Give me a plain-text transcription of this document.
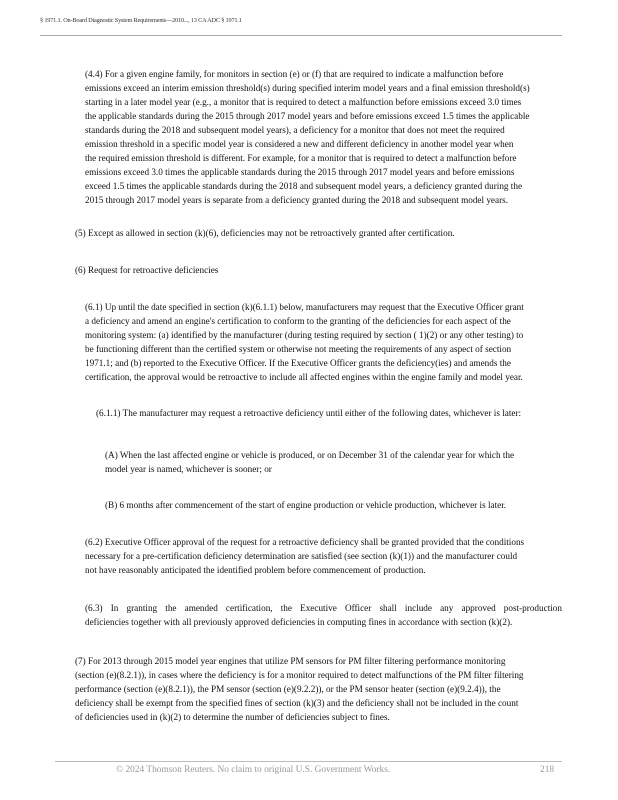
§ 1971.1. On-Board Diagnostic System Requirements—2010..., 13 CA ADC § 1971.1
(4.4) For a given engine family, for monitors in section (e) or (f) that are required to indicate a malfunction before
emissions exceed an interim emission threshold(s) during specified interim model years and a final emission threshold(s)
starting in a later model year (e.g., a monitor that is required to detect a malfunction before emissions exceed 3.0 times
the applicable standards during the 2015 through 2017 model years and before emissions exceed 1.5 times the applicable
standards during the 2018 and subsequent model years), a deficiency for a monitor that does not meet the required
emission threshold in a specific model year is considered a new and different deficiency in another model year when
the required emission threshold is different. For example, for a monitor that is required to detect a malfunction before
emissions exceed 3.0 times the applicable standards during the 2015 through 2017 model years and before emissions
exceed 1.5 times the applicable standards during the 2018 and subsequent model years, a deficiency granted during the
2015 through 2017 model years is separate from a deficiency granted during the 2018 and subsequent model years.
(5) Except as allowed in section (k)(6), deficiencies may not be retroactively granted after certification.
(6) Request for retroactive deficiencies
(6.1) Up until the date specified in section (k)(6.1.1) below, manufacturers may request that the Executive Officer grant
a deficiency and amend an engine's certification to conform to the granting of the deficiencies for each aspect of the
monitoring system: (a) identified by the manufacturer (during testing required by section ( 1)(2) or any other testing) to
be functioning different than the certified system or otherwise not meeting the requirements of any aspect of section
1971.1; and (b) reported to the Executive Officer. If the Executive Officer grants the deficiency(ies) and amends the
certification, the approval would be retroactive to include all affected engines within the engine family and model year.
(6.1.1) The manufacturer may request a retroactive deficiency until either of the following dates, whichever is later:
(A) When the last affected engine or vehicle is produced, or on December 31 of the calendar year for which the
model year is named, whichever is sooner; or
(B) 6 months after commencement of the start of engine production or vehicle production, whichever is later.
(6.2) Executive Officer approval of the request for a retroactive deficiency shall be granted provided that the conditions
necessary for a pre-certification deficiency determination are satisfied (see section (k)(1)) and the manufacturer could
not have reasonably anticipated the identified problem before commencement of production.
(6.3) In granting the amended certification, the Executive Officer shall include any approved post-production
deficiencies together with all previously approved deficiencies in computing fines in accordance with section (k)(2).
(7) For 2013 through 2015 model year engines that utilize PM sensors for PM filter filtering performance monitoring
(section (e)(8.2.1)), in cases where the deficiency is for a monitor required to detect malfunctions of the PM filter filtering
performance (section (e)(8.2.1)), the PM sensor (section (e)(9.2.2)), or the PM sensor heater (section (e)(9.2.4)), the
deficiency shall be exempt from the specified fines of section (k)(3) and the deficiency shall not be included in the count
of deficiencies used in (k)(2) to determine the number of deficiencies subject to fines.
© 2024 Thomson Reuters. No claim to original U.S. Government Works.	218
